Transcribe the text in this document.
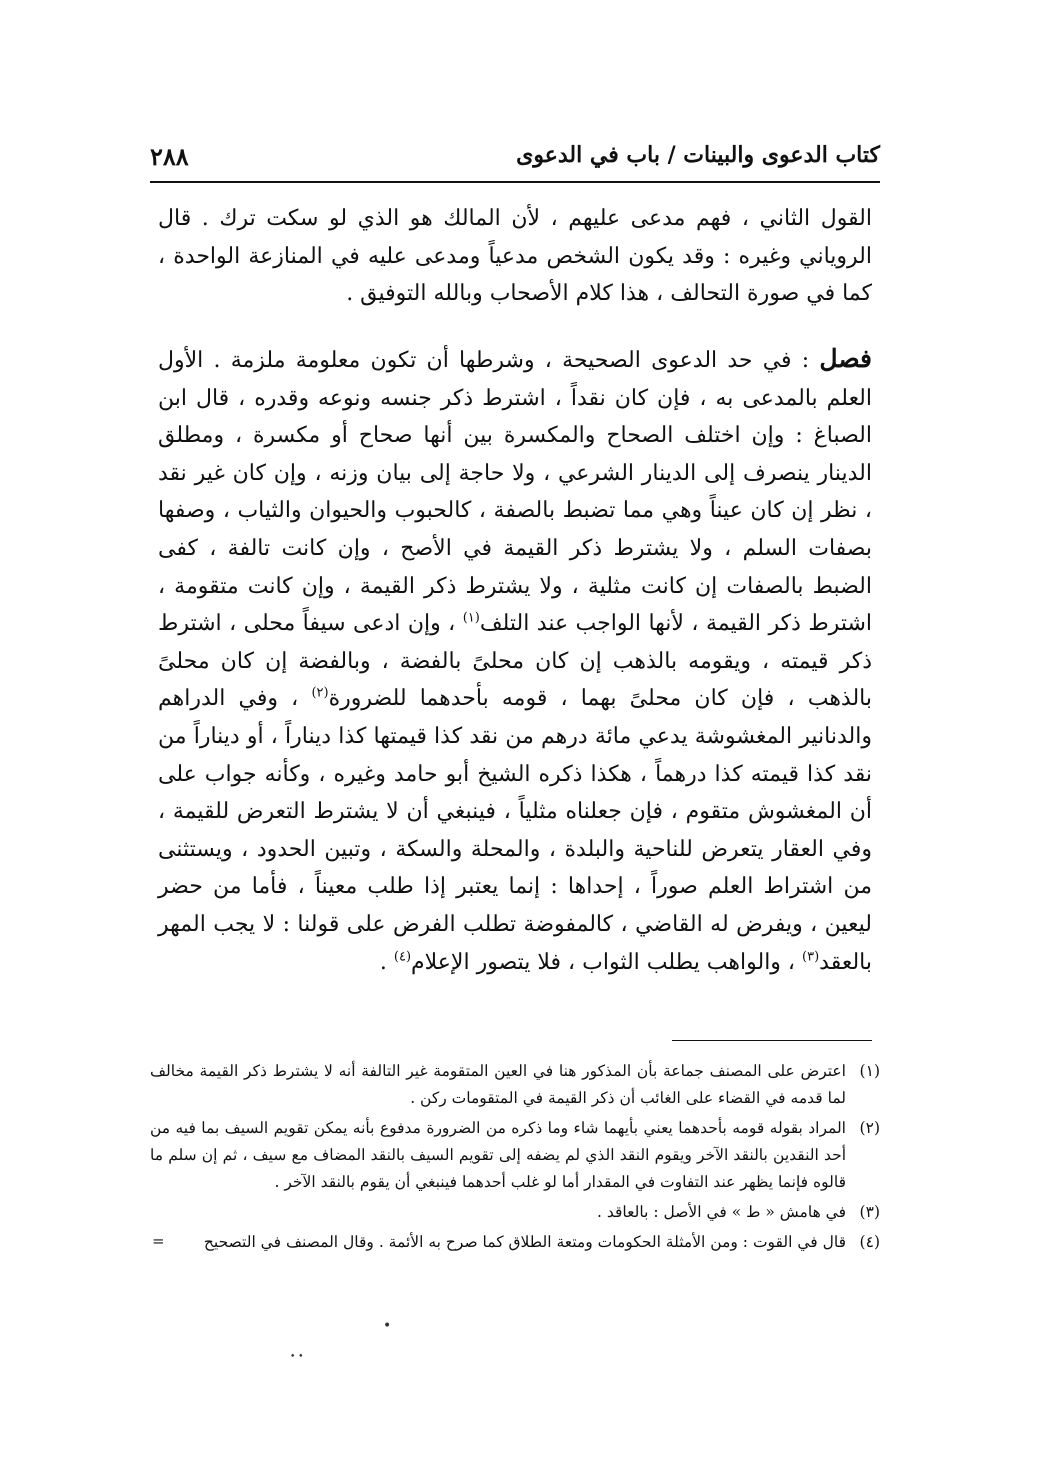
كتاب الدعوى والبينات / باب في الدعوى
٢٨٨

القول الثاني ، فهم مدعى عليهم ، لأن المالك هو الذي لو سكت ترك . قال الروياني وغيره : وقد يكون الشخص مدعياً ومدعى عليه في المنازعة الواحدة ، كما في صورة التحالف ، هذا كلام الأصحاب وبالله التوفيق .

فصل : في حد الدعوى الصحيحة ، وشرطها أن تكون معلومة ملزمة . الأول العلم بالمدعى به ، فإن كان نقداً ، اشترط ذكر جنسه ونوعه وقدره ، قال ابن الصباغ : وإن اختلف الصحاح والمكسرة بين أنها صحاح أو مكسرة ، ومطلق الدينار ينصرف إلى الدينار الشرعي ، ولا حاجة إلى بيان وزنه ، وإن كان غير نقد ، نظر إن كان عيناً وهي مما تضبط بالصفة ، كالحبوب والحيوان والثياب ، وصفها بصفات السلم ، ولا يشترط ذكر القيمة في الأصح ، وإن كانت تالفة ، كفى الضبط بالصفات إن كانت مثلية ، ولا يشترط ذكر القيمة ، وإن كانت متقومة ، اشترط ذكر القيمة ، لأنها الواجب عند التلف$^{(١)}$ ، وإن ادعى سيفاً محلى ، اشترط ذكر قيمته ، ويقومه بالذهب إن كان محلىً بالفضة ، وبالفضة إن كان محلىً بالذهب ، فإن كان محلىً بهما ، قومه بأحدهما للضرورة$^{(٢)}$ ، وفي الدراهم والدنانير المغشوشة يدعي مائة درهم من نقد كذا قيمتها كذا ديناراً ، أو ديناراً من نقد كذا قيمته كذا درهماً ، هكذا ذكره الشيخ أبو حامد وغيره ، وكأنه جواب على أن المغشوش متقوم ، فإن جعلناه مثلياً ، فينبغي أن لا يشترط التعرض للقيمة ، وفي العقار يتعرض للناحية والبلدة ، والمحلة والسكة ، وتبين الحدود ، ويستثنى من اشتراط العلم صوراً ، إحداها : إنما يعتبر إذا طلب معيناً ، فأما من حضر ليعين ، ويفرض له القاضي ، كالمفوضة تطلب الفرض على قولنا : لا يجب المهر بالعقد$^{(٣)}$ ، والواهب يطلب الثواب ، فلا يتصور الإعلام$^{(٤)}$ .

(١)
اعترض على المصنف جماعة بأن المذكور هنا في العين المتقومة غير التالفة أنه لا يشترط ذكر القيمة مخالف لما قدمه في القضاء على الغائب أن ذكر القيمة في المتقومات ركن .
(٢)
المراد بقوله قومه بأحدهما يعني بأيهما شاء وما ذكره من الضرورة مدفوع بأنه يمكن تقويم السيف بما فيه من أحد النقدين بالنقد الآخر ويقوم النقد الذي لم يضفه إلى تقويم السيف بالنقد المضاف مع سيف ، ثم إن سلم ما قالوه فإنما يظهر عند التفاوت في المقدار أما لو غلب أحدهما فينبغي أن يقوم بالنقد الآخر .
(٣)
في هامش « ط » في الأصل : بالعاقد .
(٤)
قال في القوت : ومن الأمثلة الحكومات ومتعة الطلاق كما صرح به الأئمة . وقال المصنف في التصحيح
=
•
• •
